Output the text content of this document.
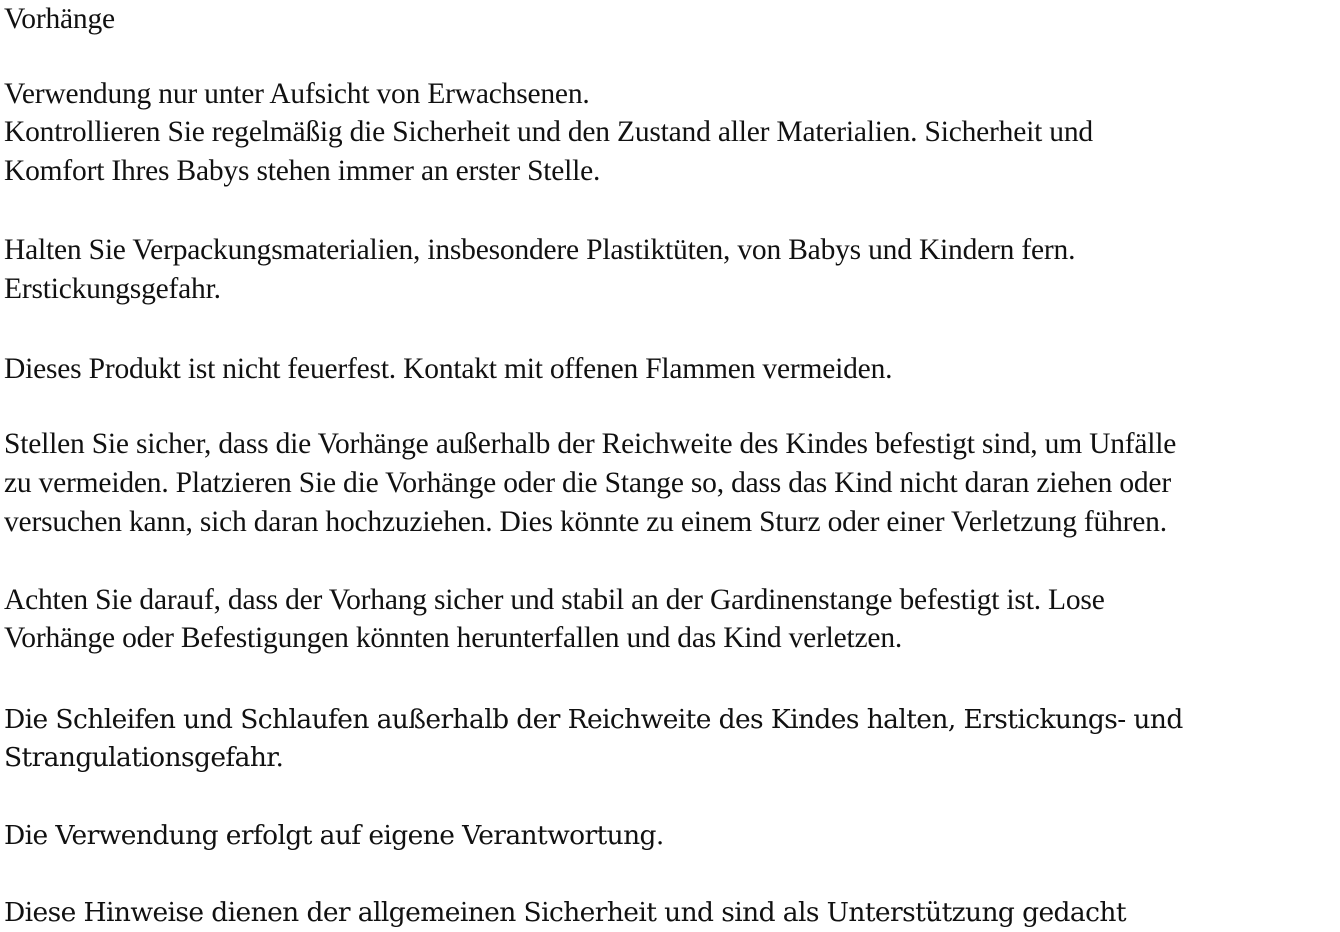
Vorhänge
Verwendung nur unter Aufsicht von Erwachsenen.
Kontrollieren Sie regelmäßig die Sicherheit und den Zustand aller Materialien. Sicherheit und
Komfort Ihres Babys stehen immer an erster Stelle.
Halten Sie Verpackungsmaterialien, insbesondere Plastiktüten, von Babys und Kindern fern.
Erstickungsgefahr.
Dieses Produkt ist nicht feuerfest. Kontakt mit offenen Flammen vermeiden.
Stellen Sie sicher, dass die Vorhänge außerhalb der Reichweite des Kindes befestigt sind, um Unfälle
zu vermeiden. Platzieren Sie die Vorhänge oder die Stange so, dass das Kind nicht daran ziehen oder
versuchen kann, sich daran hochzuziehen. Dies könnte zu einem Sturz oder einer Verletzung führen.
Achten Sie darauf, dass der Vorhang sicher und stabil an der Gardinenstange befestigt ist. Lose
Vorhänge oder Befestigungen könnten herunterfallen und das Kind verletzen.
Die Schleifen und Schlaufen außerhalb der Reichweite des Kindes halten, Erstickungs- und
Strangulationsgefahr.
Die Verwendung erfolgt auf eigene Verantwortung.
Diese Hinweise dienen der allgemeinen Sicherheit und sind als Unterstützung gedacht
